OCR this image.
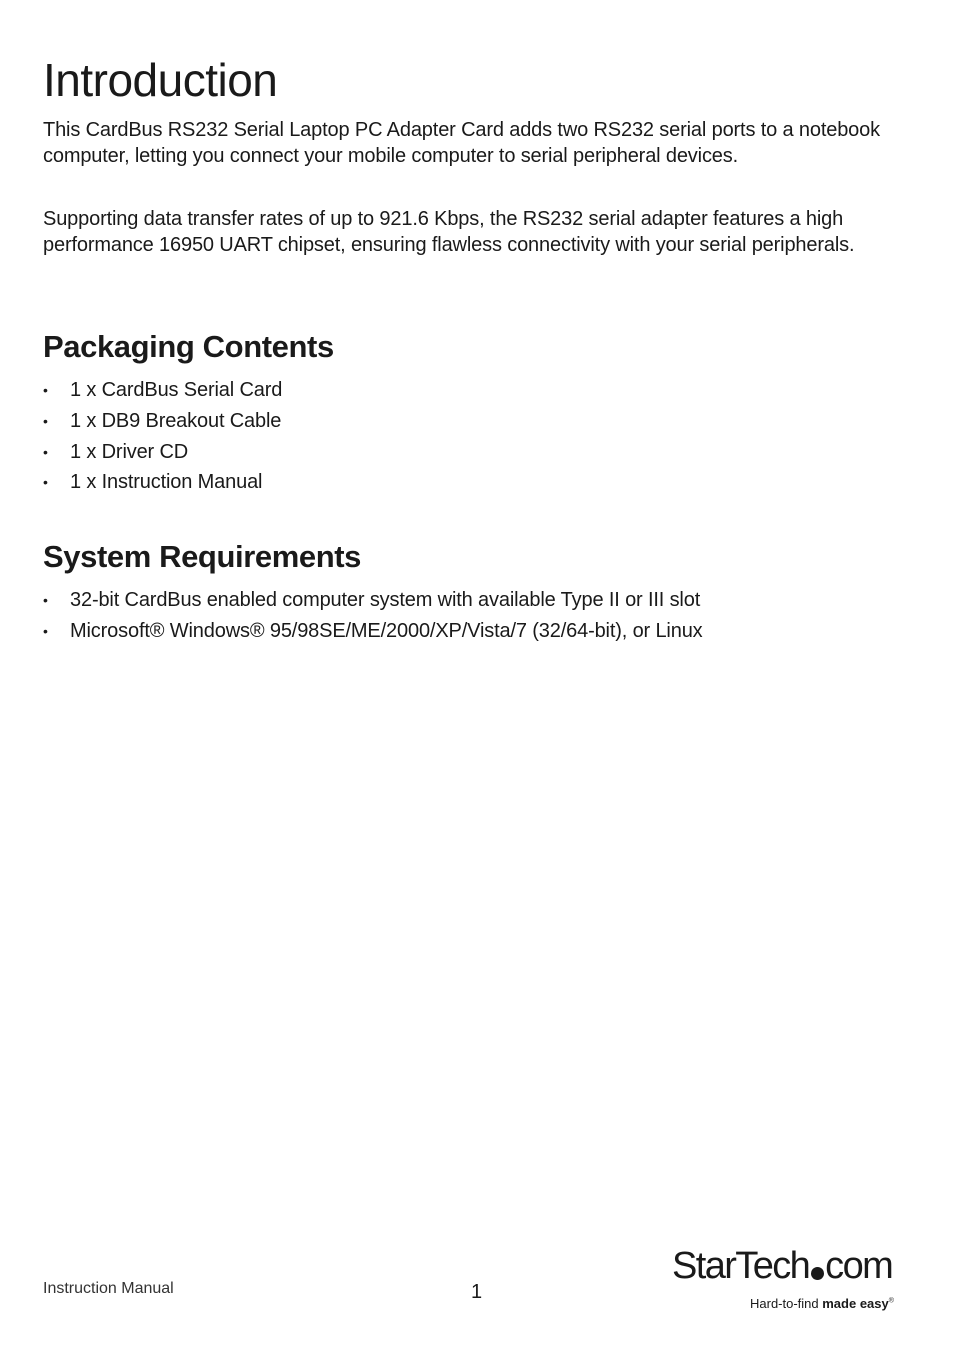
Introduction

This CardBus RS232 Serial Laptop PC Adapter Card adds two RS232 serial ports to a notebook computer, letting you connect your mobile computer to serial peripheral devices.

Supporting data transfer rates of up to 921.6 Kbps, the RS232 serial adapter features a high performance 16950 UART chipset, ensuring flawless connectivity with your serial peripherals.

Packaging Contents
•	1 x CardBus Serial Card
•	1 x DB9 Breakout Cable
•	1 x Driver CD
•	1 x Instruction Manual
System Requirements
•	32-bit CardBus enabled computer system with available Type II or III slot
•	Microsoft® Windows® 95/98SE/ME/2000/XP/Vista/7 (32/64-bit), or Linux
Instruction Manual	1
StarTech com
Hard-to-find made easy®
